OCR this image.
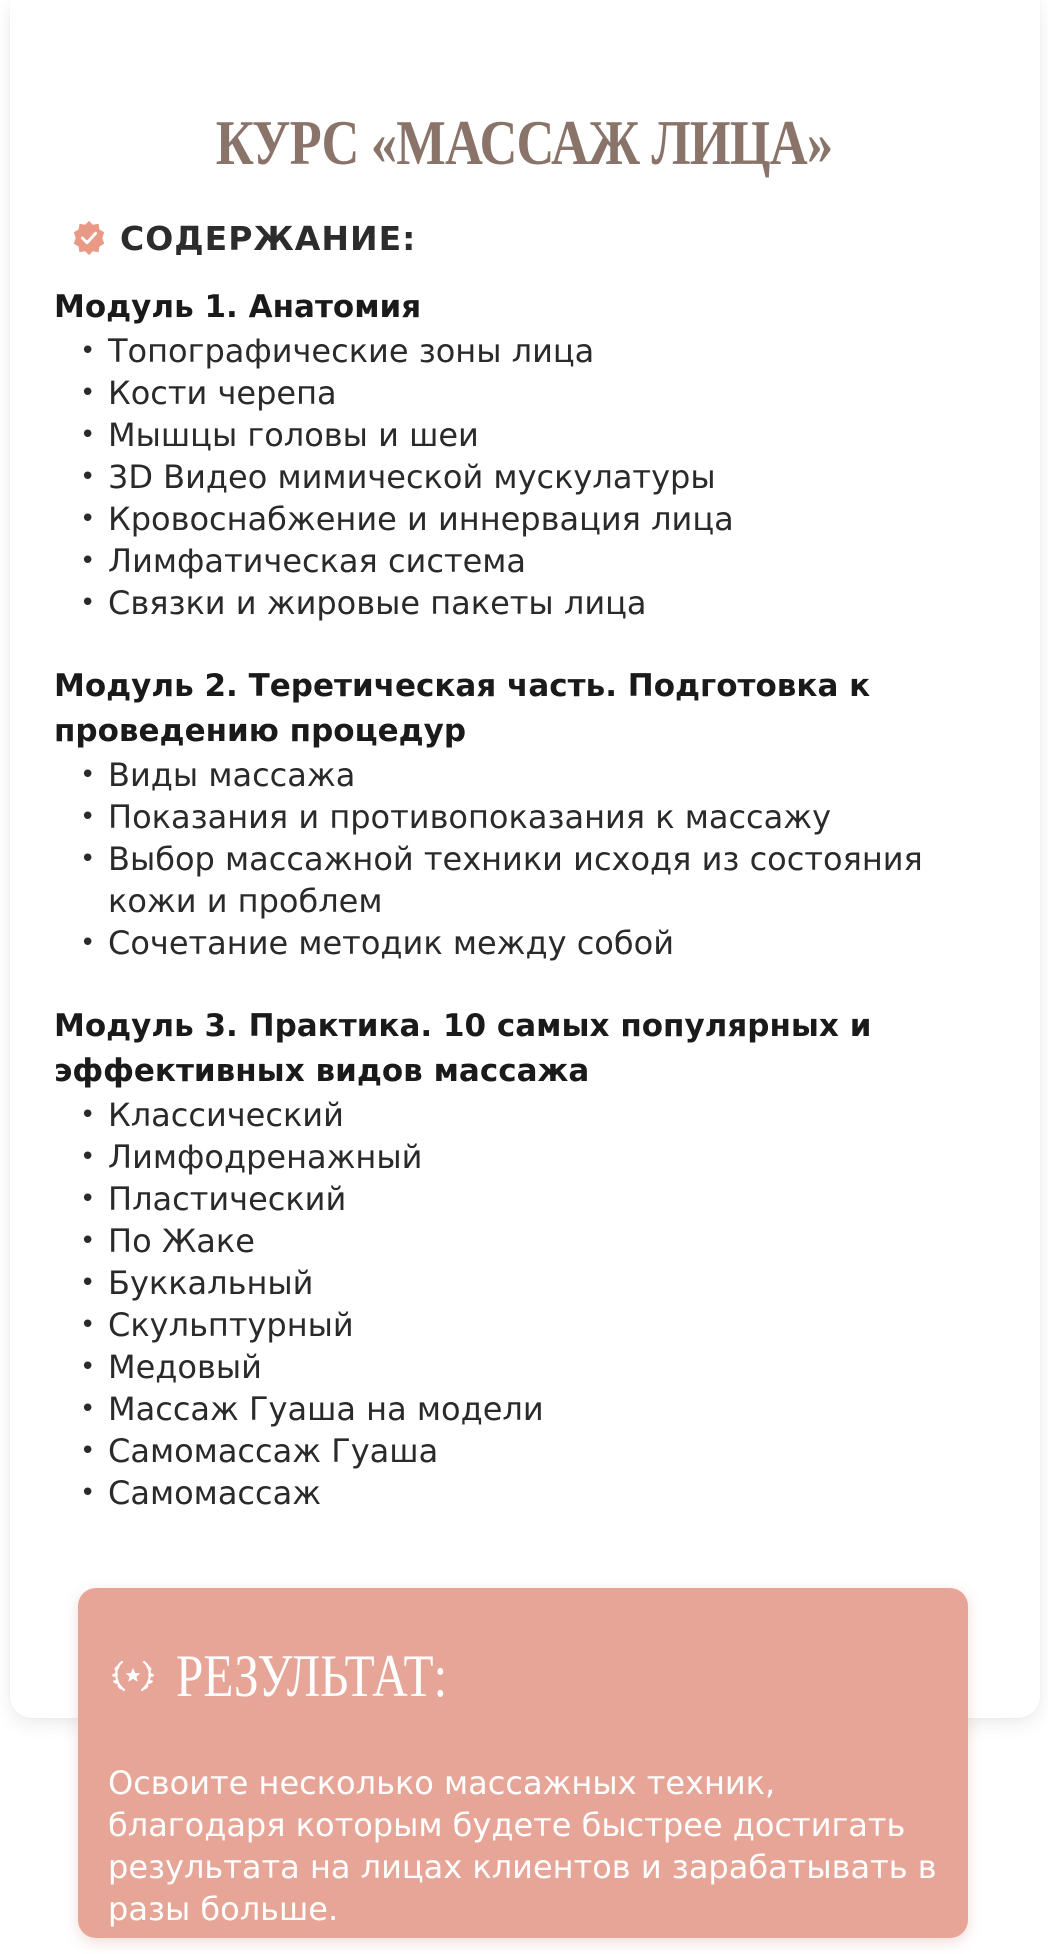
КУРС «МАССАЖ ЛИЦА»
СОДЕРЖАНИЕ:

Модуль 1. Анатомия

• Топографические зоны лица
• Кости черепа
• Мышцы головы и шеи
• 3D Видео мимической мускулатуры
• Кровоснабжение и иннервация лица
• Лимфатическая система
• Связки и жировые пакеты лица

Модуль 2. Теретическая часть. Подготовка к проведению процедур

• Виды массажа
• Показания и противопоказания к массажу
• Выбор массажной техники исходя из состояния кожи и проблем
• Сочетание методик между собой

Модуль 3. Практика. 10 самых популярных и эффективных видов массажа

• Классический
• Лимфодренажный
• Пластический
• По Жаке
• Буккальный
• Скульптурный
• Медовый
• Массаж Гуаша на модели
• Самомассаж Гуаша
• Самомассаж
РЕЗУЛЬТАТ:

Освоите несколько массажных техник, благодаря которым будете быстрее достигать результата на лицах клиентов и зарабатывать в разы больше.
